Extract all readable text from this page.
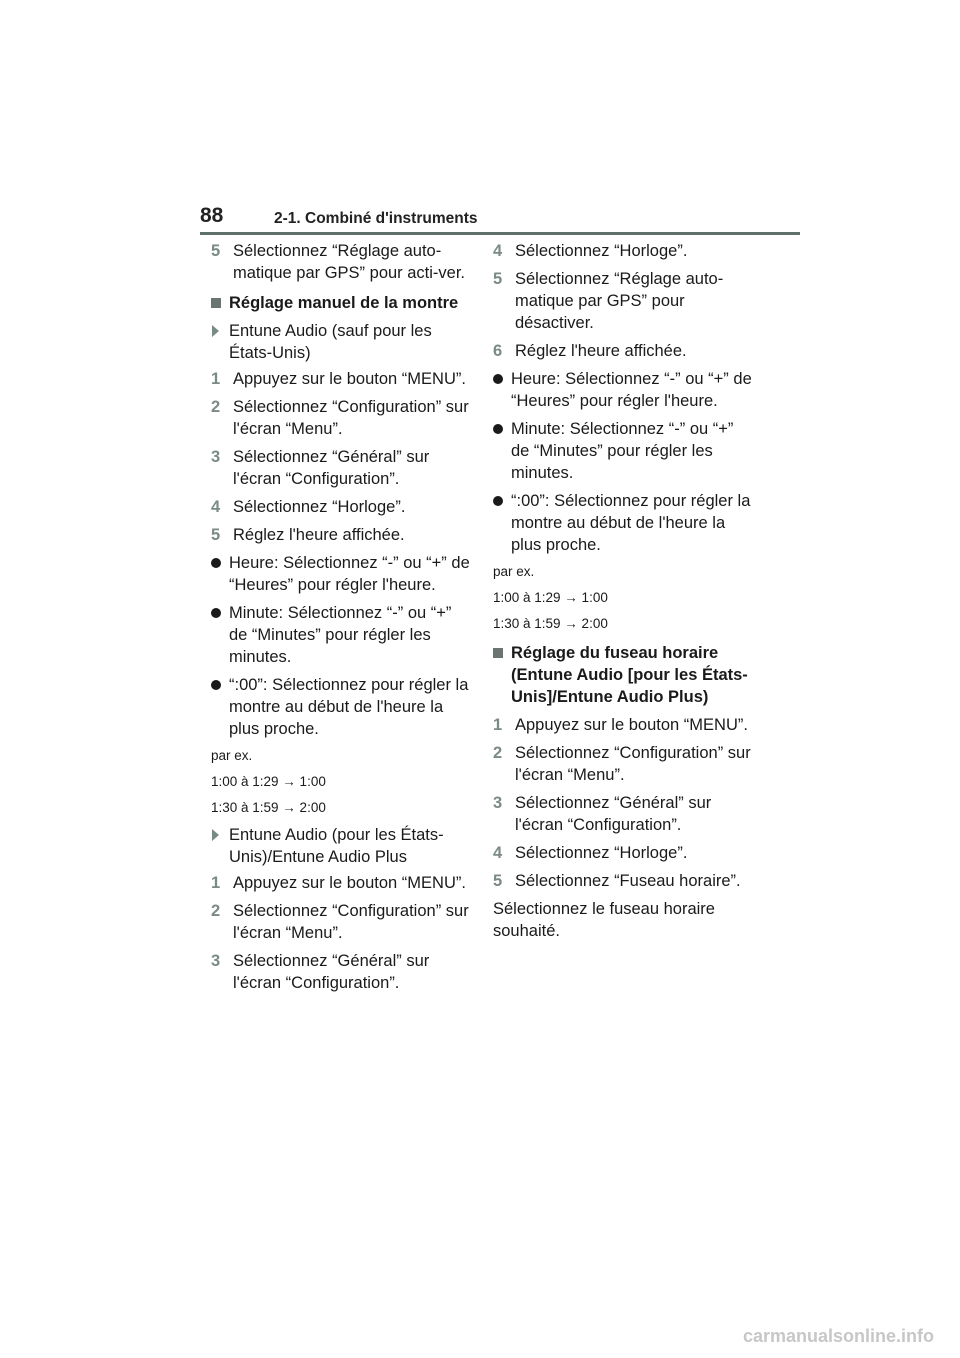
88	2-1. Combiné d'instruments
5 Sélectionnez “Réglage auto-matique par GPS” pour acti-ver.
Réglage manuel de la montre
Entune Audio (sauf pour les États-Unis)
1 Appuyez sur le bouton “MENU”.
2 Sélectionnez “Configuration” sur l'écran “Menu”.
3 Sélectionnez “Général” sur l'écran “Configuration”.
4 Sélectionnez “Horloge”.
5 Réglez l'heure affichée.
Heure: Sélectionnez “-” ou “+” de “Heures” pour régler l'heure.
Minute: Sélectionnez “-” ou “+” de “Minutes” pour régler les minutes.
“:00”: Sélectionnez pour régler la montre au début de l'heure la plus proche.
par ex.
1:00 à 1:29 → 1:00
1:30 à 1:59 → 2:00
Entune Audio (pour les États-Unis)/Entune Audio Plus
1 Appuyez sur le bouton “MENU”.
2 Sélectionnez “Configuration” sur l'écran “Menu”.
3 Sélectionnez “Général” sur l'écran “Configuration”.
4 Sélectionnez “Horloge”.
5 Sélectionnez “Réglage auto-matique par GPS” pour désactiver.
6 Réglez l'heure affichée.
Heure: Sélectionnez “-” ou “+” de “Heures” pour régler l'heure.
Minute: Sélectionnez “-” ou “+” de “Minutes” pour régler les minutes.
“:00”: Sélectionnez pour régler la montre au début de l'heure la plus proche.
par ex.
1:00 à 1:29 → 1:00
1:30 à 1:59 → 2:00
Réglage du fuseau horaire (Entune Audio [pour les États-Unis]/Entune Audio Plus)
1 Appuyez sur le bouton “MENU”.
2 Sélectionnez “Configuration” sur l'écran “Menu”.
3 Sélectionnez “Général” sur l'écran “Configuration”.
4 Sélectionnez “Horloge”.
5 Sélectionnez “Fuseau horaire”.
Sélectionnez le fuseau horaire souhaité.
carmanualsonline.info
